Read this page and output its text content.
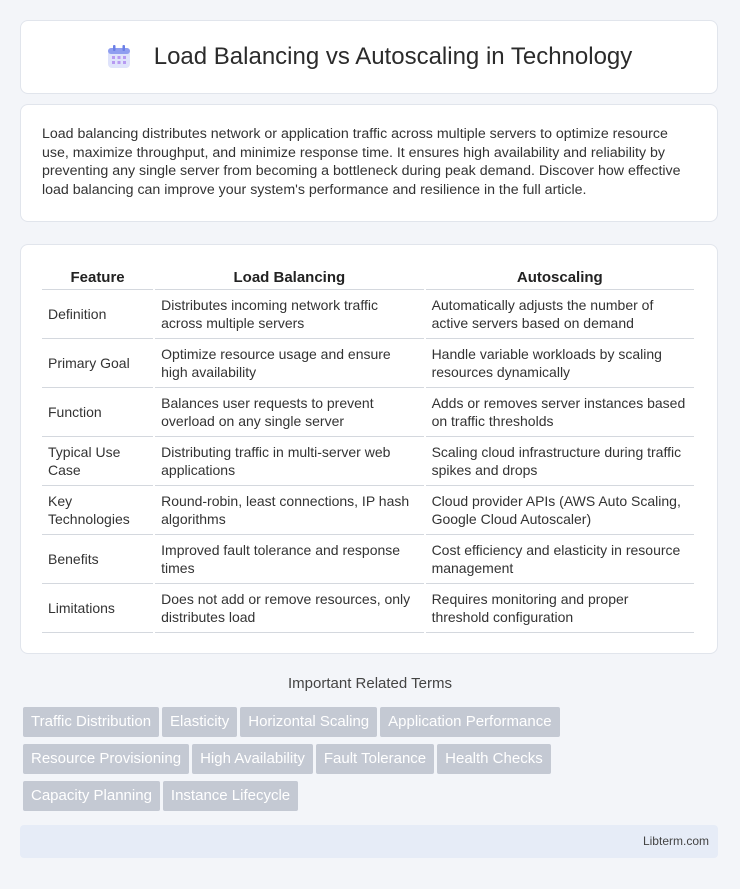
Load Balancing vs Autoscaling in Technology

Load balancing distributes network or application traffic across multiple servers to optimize resource use, maximize throughput, and minimize response time. It ensures high availability and reliability by preventing any single server from becoming a bottleneck during peak demand. Discover how effective load balancing can improve your system's performance and resilience in the full article.

Feature	Load Balancing	Autoscaling
Definition	Distributes incoming network traffic across multiple servers	Automatically adjusts the number of active servers based on demand
Primary Goal	Optimize resource usage and ensure high availability	Handle variable workloads by scaling resources dynamically
Function	Balances user requests to prevent overload on any single server	Adds or removes server instances based on traffic thresholds
Typical Use Case	Distributing traffic in multi-server web applications	Scaling cloud infrastructure during traffic spikes and drops
Key Technologies	Round-robin, least connections, IP hash algorithms	Cloud provider APIs (AWS Auto Scaling, Google Cloud Autoscaler)
Benefits	Improved fault tolerance and response times	Cost efficiency and elasticity in resource management
Limitations	Does not add or remove resources, only distributes load	Requires monitoring and proper threshold configuration
Important Related Terms
Traffic Distribution Elasticity Horizontal Scaling Application Performance
Resource Provisioning High Availability Fault Tolerance Health Checks
Capacity Planning Instance Lifecycle
Libterm.com
